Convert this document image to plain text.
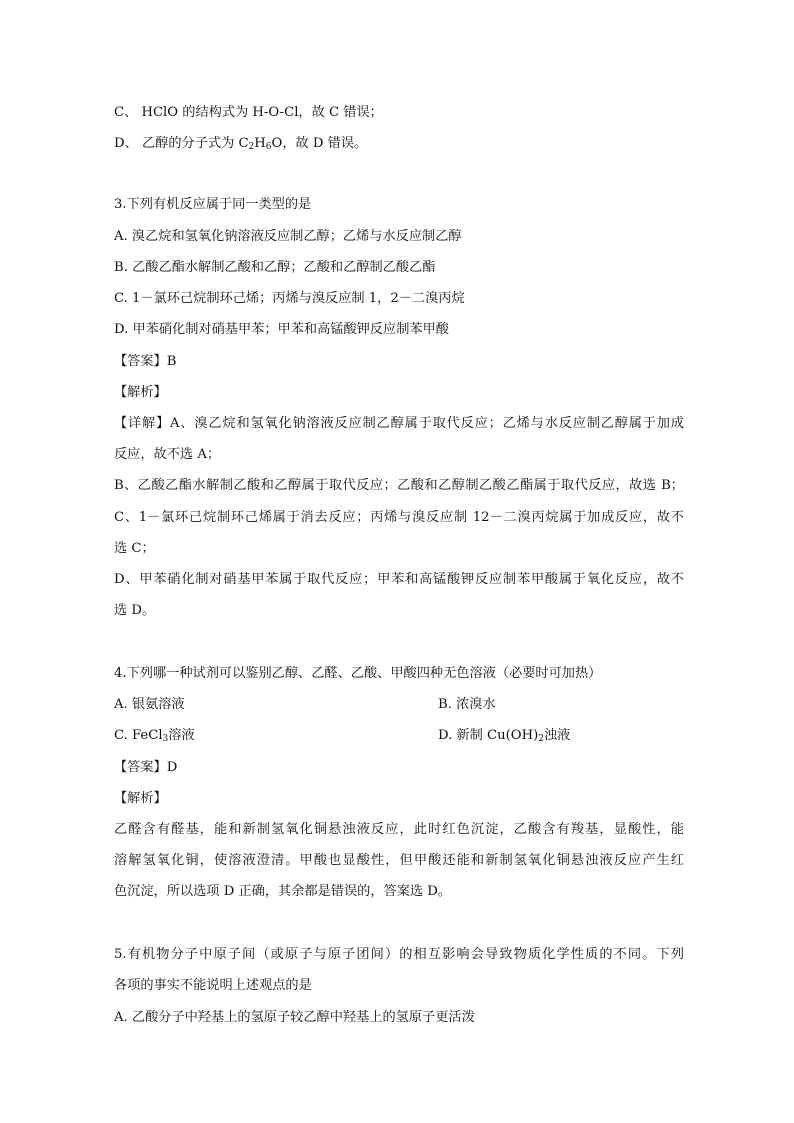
C、 HClO 的结构式为 H-O-Cl，故 C 错误；
D、 乙醇的分子式为 $C_2H_6O$，故 D 错误。
3.下列有机反应属于同一类型的是
A. 溴乙烷和氢氧化钠溶液反应制乙醇；乙烯与水反应制乙醇
B. 乙酸乙酯水解制乙酸和乙醇；乙酸和乙醇制乙酸乙酯
C. 1－氯环己烷制环己烯；丙烯与溴反应制 1，2－二溴丙烷
D. 甲苯硝化制对硝基甲苯；甲苯和高锰酸钾反应制苯甲酸
【答案】B
【解析】
【详解】A、溴乙烷和氢氧化钠溶液反应制乙醇属于取代反应；乙烯与水反应制乙醇属于加成
反应，故不选 A；
B、乙酸乙酯水解制乙酸和乙醇属于取代反应；乙酸和乙醇制乙酸乙酯属于取代反应，故选 B；
C、1－氯环己烷制环己烯属于消去反应；丙烯与溴反应制 12－二溴丙烷属于加成反应，故不
选 C；
D、甲苯硝化制对硝基甲苯属于取代反应；甲苯和高锰酸钾反应制苯甲酸属于氧化反应，故不
选 D。
4.下列哪一种试剂可以鉴别乙醇、乙醛、乙酸、甲酸四种无色溶液（必要时可加热）
A. 银氨溶液	B. 浓溴水
C. FeCl$_3$溶液	D. 新制 $Cu(OH)_2$浊液
【答案】D
【解析】
乙醛含有醛基，能和新制氢氧化铜悬浊液反应，此时红色沉淀，乙酸含有羧基，显酸性，能
溶解氢氧化铜，使溶液澄清。甲酸也显酸性，但甲酸还能和新制氢氧化铜悬浊液反应产生红
色沉淀，所以选项 D 正确，其余都是错误的，答案选 D。
5.有机物分子中原子间（或原子与原子团间）的相互影响会导致物质化学性质的不同。下列
各项的事实不能说明上述观点的是
A. 乙酸分子中羟基上的氢原子较乙醇中羟基上的氢原子更活泼
